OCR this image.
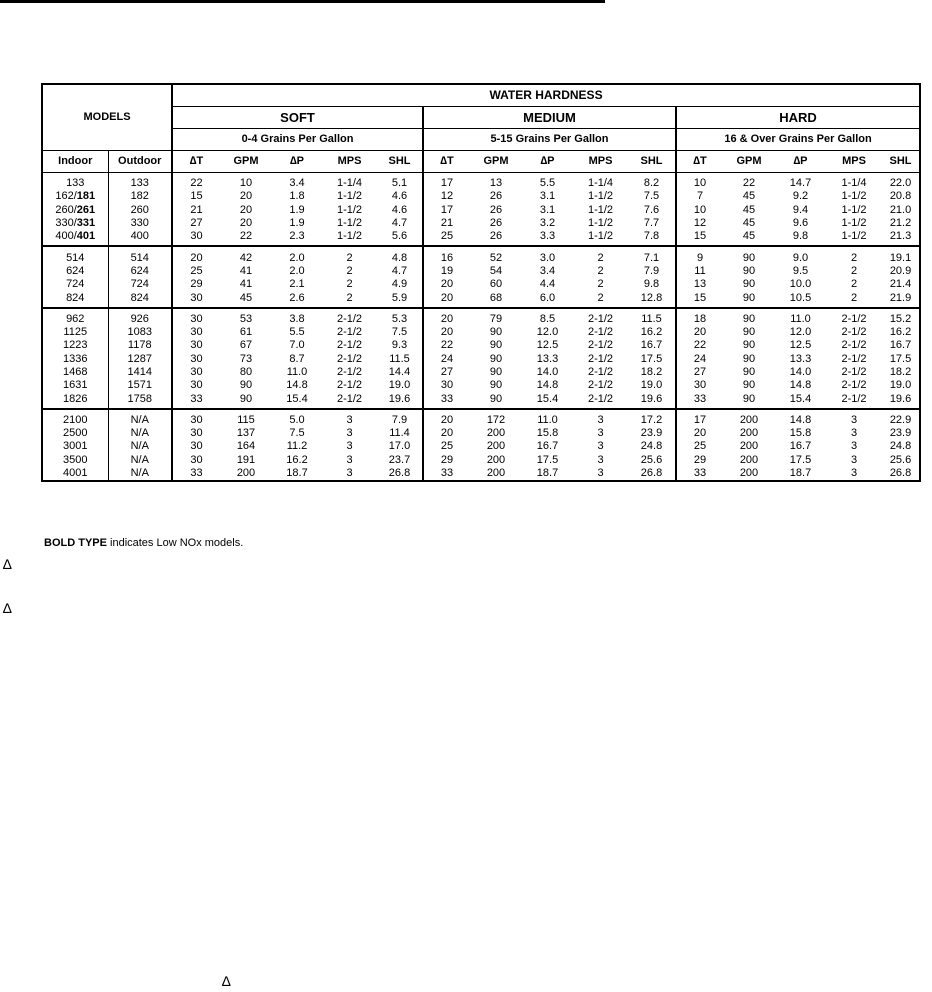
MODELS		WATER HARDNESS														
		SOFT					MEDIUM					HARD				
		0-4 Grains Per Gallon					5-15 Grains Per Gallon					16 & Over Grains Per Gallon				
Indoor	Outdoor	∆T	GPM	∆P	MPS	SHL	∆T	GPM	∆P	MPS	SHL	∆T	GPM	∆P	MPS	SHL
133	133	22	10	3.4	1-1/4	5.1	17	13	5.5	1-1/4	8.2	10	22	14.7	1-1/4	22.0
162/181	182	15	20	1.8	1-1/2	4.6	12	26	3.1	1-1/2	7.5	7	45	9.2	1-1/2	20.8
260/261	260	21	20	1.9	1-1/2	4.6	17	26	3.1	1-1/2	7.6	10	45	9.4	1-1/2	21.0
330/331	330	27	20	1.9	1-1/2	4.7	21	26	3.2	1-1/2	7.7	12	45	9.6	1-1/2	21.2
400/401	400	30	22	2.3	1-1/2	5.6	25	26	3.3	1-1/2	7.8	15	45	9.8	1-1/2	21.3
514	514	20	42	2.0	2	4.8	16	52	3.0	2	7.1	9	90	9.0	2	19.1
624	624	25	41	2.0	2	4.7	19	54	3.4	2	7.9	11	90	9.5	2	20.9
724	724	29	41	2.1	2	4.9	20	60	4.4	2	9.8	13	90	10.0	2	21.4
824	824	30	45	2.6	2	5.9	20	68	6.0	2	12.8	15	90	10.5	2	21.9
962	926	30	53	3.8	2-1/2	5.3	20	79	8.5	2-1/2	11.5	18	90	11.0	2-1/2	15.2
1125	1083	30	61	5.5	2-1/2	7.5	20	90	12.0	2-1/2	16.2	20	90	12.0	2-1/2	16.2
1223	1178	30	67	7.0	2-1/2	9.3	22	90	12.5	2-1/2	16.7	22	90	12.5	2-1/2	16.7
1336	1287	30	73	8.7	2-1/2	11.5	24	90	13.3	2-1/2	17.5	24	90	13.3	2-1/2	17.5
1468	1414	30	80	11.0	2-1/2	14.4	27	90	14.0	2-1/2	18.2	27	90	14.0	2-1/2	18.2
1631	1571	30	90	14.8	2-1/2	19.0	30	90	14.8	2-1/2	19.0	30	90	14.8	2-1/2	19.0
1826	1758	33	90	15.4	2-1/2	19.6	33	90	15.4	2-1/2	19.6	33	90	15.4	2-1/2	19.6
2100	N/A	30	115	5.0	3	7.9	20	172	11.0	3	17.2	17	200	14.8	3	22.9
2500	N/A	30	137	7.5	3	11.4	20	200	15.8	3	23.9	20	200	15.8	3	23.9
3001	N/A	30	164	11.2	3	17.0	25	200	16.7	3	24.8	25	200	16.7	3	24.8
3500	N/A	30	191	16.2	3	23.7	29	200	17.5	3	25.6	29	200	17.5	3	25.6
4001	N/A	33	200	18.7	3	26.8	33	200	18.7	3	26.8	33	200	18.7	3	26.8
BOLD TYPE indicates Low NOx models.
∆
∆
∆
